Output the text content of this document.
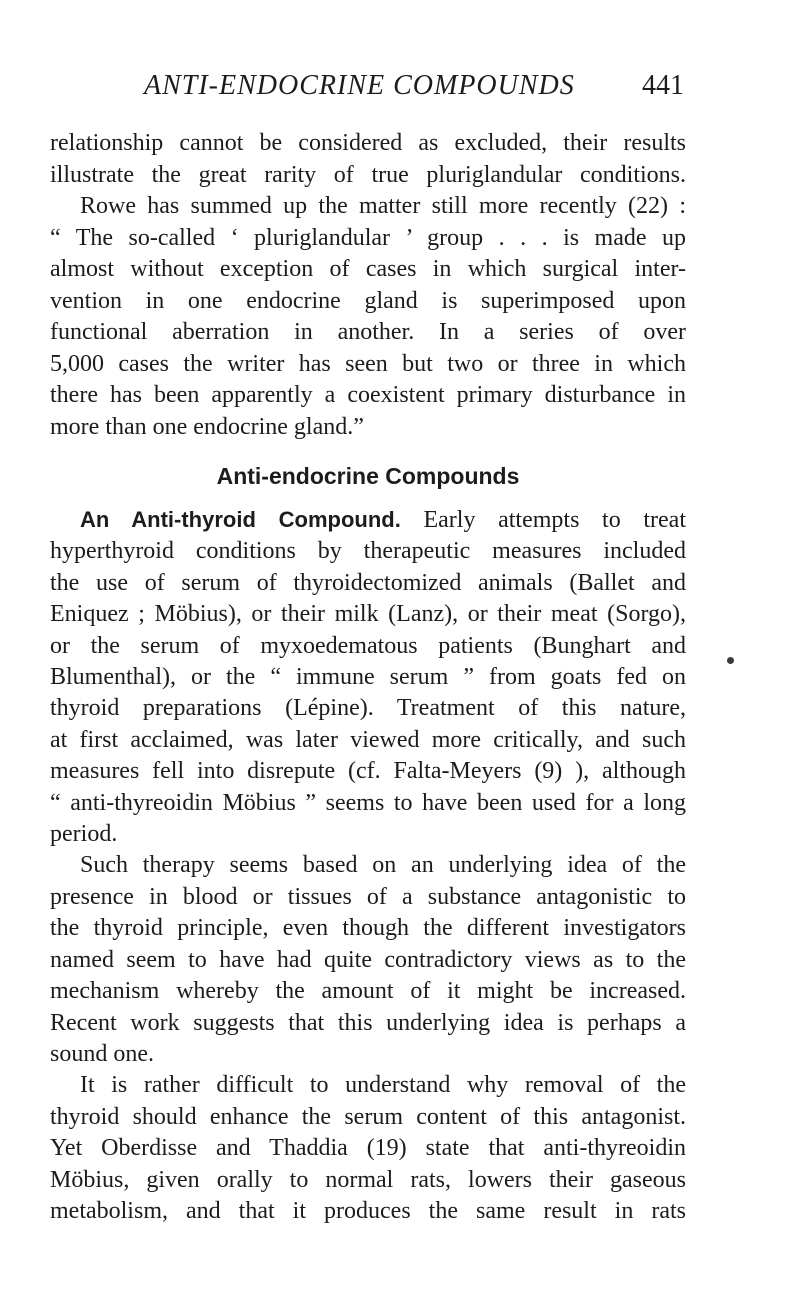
ANTI-ENDOCRINE COMPOUNDS 441
relationship cannot be considered as excluded, their results
illustrate the great rarity of true pluriglandular conditions.
Rowe has summed up the matter still more recently (22) :
“ The so-called ‘ pluriglandular ’ group . . . is made up
almost without exception of cases in which surgical inter-
vention in one endocrine gland is superimposed upon
functional aberration in another. In a series of over
5,000 cases the writer has seen but two or three in which
there has been apparently a coexistent primary disturbance in
more than one endocrine gland.”
Anti-endocrine Compounds
An Anti-thyroid Compound. Early attempts to treat
hyperthyroid conditions by therapeutic measures included
the use of serum of thyroidectomized animals (Ballet and
Eniquez ; Möbius), or their milk (Lanz), or their meat (Sorgo),
or the serum of myxoedematous patients (Bunghart and
Blumenthal), or the “ immune serum ” from goats fed on
thyroid preparations (Lépine). Treatment of this nature,
at first acclaimed, was later viewed more critically, and such
measures fell into disrepute (cf. Falta-Meyers (9) ), although
“ anti-thyreoidin Möbius ” seems to have been used for a long
period.
Such therapy seems based on an underlying idea of the
presence in blood or tissues of a substance antagonistic to
the thyroid principle, even though the different investigators
named seem to have had quite contradictory views as to the
mechanism whereby the amount of it might be increased.
Recent work suggests that this underlying idea is perhaps a
sound one.
It is rather difficult to understand why removal of the
thyroid should enhance the serum content of this antagonist.
Yet Oberdisse and Thaddia (19) state that anti-thyreoidin
Möbius, given orally to normal rats, lowers their gaseous
metabolism, and that it produces the same result in rats
